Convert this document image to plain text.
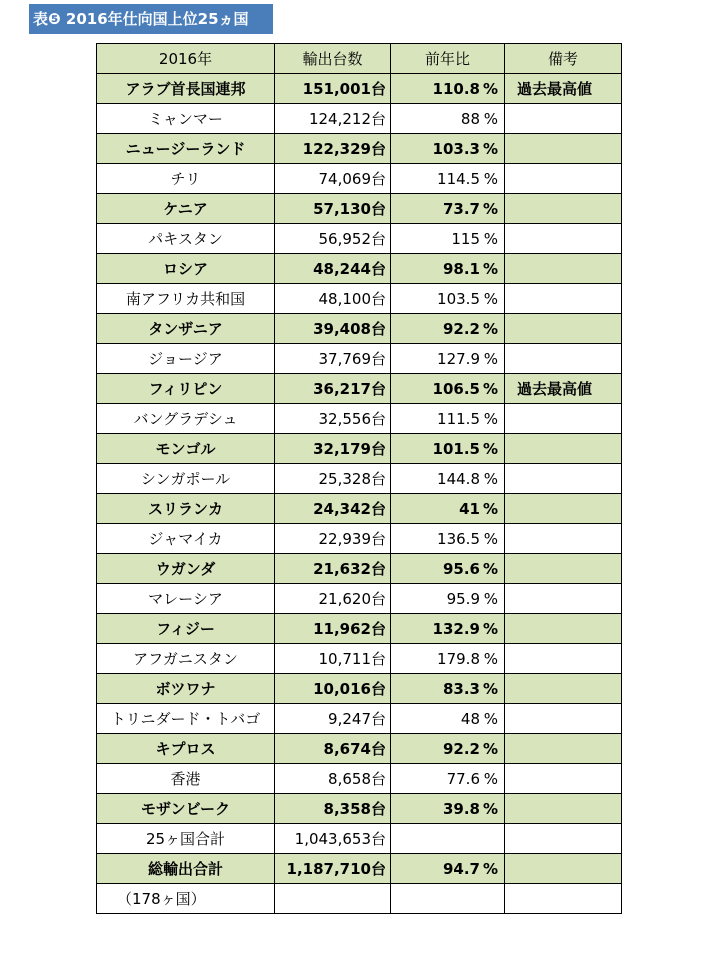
表❺ 2016年仕向国上位25ヵ国
2016年	輸出台数	前年比	備考
アラブ首長国連邦	151,001台	110.8 %	過去最高値
ミャンマー	124,212台	88 %	
ニュージーランド	122,329台	103.3 %	
チリ	74,069台	114.5 %	
ケニア	57,130台	73.7 %	
パキスタン	56,952台	115 %	
ロシア	48,244台	98.1 %	
南アフリカ共和国	48,100台	103.5 %	
タンザニア	39,408台	92.2 %	
ジョージア	37,769台	127.9 %	
フィリピン	36,217台	106.5 %	過去最高値
バングラデシュ	32,556台	111.5 %	
モンゴル	32,179台	101.5 %	
シンガポール	25,328台	144.8 %	
スリランカ	24,342台	41 %	
ジャマイカ	22,939台	136.5 %	
ウガンダ	21,632台	95.6 %	
マレーシア	21,620台	95.9 %	
フィジー	11,962台	132.9 %	
アフガニスタン	10,711台	179.8 %	
ボツワナ	10,016台	83.3 %	
トリニダード・トバゴ	9,247台	48 %	
キプロス	8,674台	92.2 %	
香港	8,658台	77.6 %	
モザンビーク	8,358台	39.8 %	
25ヶ国合計	1,043,653台		
総輸出合計	1,187,710台	94.7 %	
（178ヶ国）			
